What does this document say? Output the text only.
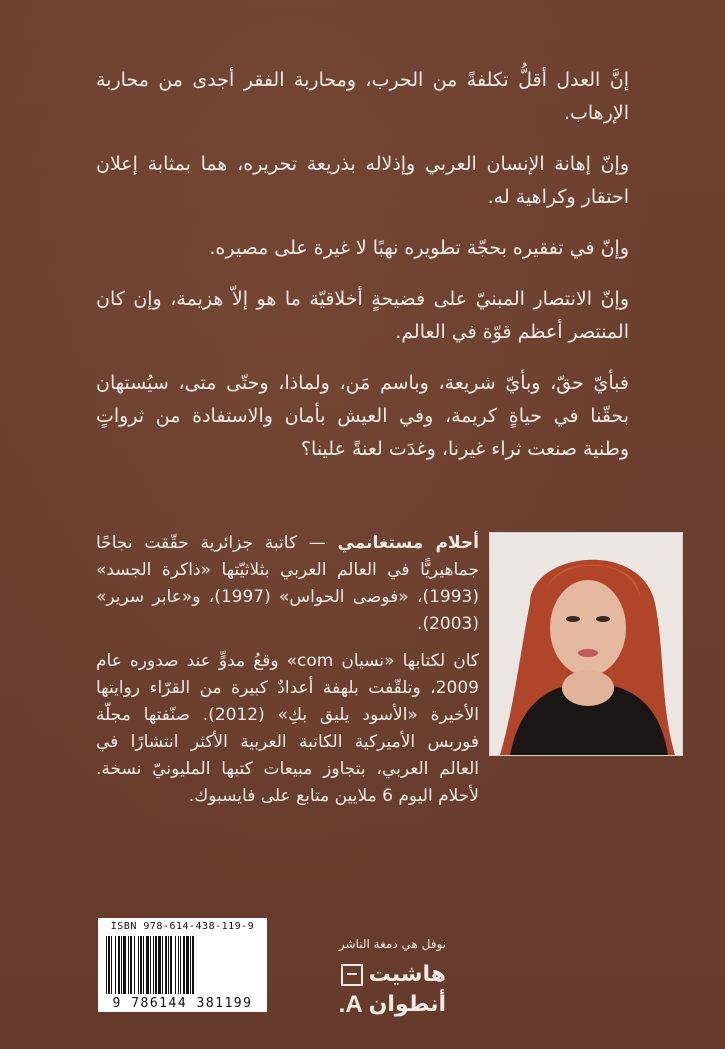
إنَّ العدل أقلُّ تكلفةً من الحرب، ومحاربة الفقر أجدى من محاربة الإرهاب.

وإنّ إهانة الإنسان العربي وإذلاله بذريعة تحريره، هما بمثابة إعلان احتقار وكراهية له.

وإنّ في تفقيره بحجّة تطويره نهبًا لا غيرة على مصيره.

وإنّ الانتصار المبنيّ على فضيحةٍ أخلاقيّة ما هو إلاّ هزيمة، وإن كان المنتصر أعظم قوّة في العالم.

فبأيّ حقّ، وبأيّ شريعة، وباسم مَن، ولماذا، وحتّى متى، سيُستهان بحقّنا في حياةٍ كريمة، وفي العيش بأمان والاستفادة من ثرواتٍ وطنية صنعت ثراء غيرنا، وغدَت لعنةً علينا؟

أحلام مستغانمي — كاتبة جزائرية حقّقت نجاحًا جماهيريًّا في العالم العربي بثلاثيّتها «ذاكرة الجسد» (1993)، «فوضى الحواس» (1997)، و«عابر سرير» (2003).

كان لكتابها «نسيان com» وقعُ مدوٍّ عند صدوره عام 2009، وتلقّفت بلهفة أعدادٌ كبيرة من القرّاء روايتها الأخيرة «الأسود يليق بكِ» (2012). صنّفتها مجلّة فوربس الأميركية الكاتبة العربية الأكثر انتشارًا في العالم العربي، بتجاوز مبيعات كتبها المليونيّ نسخة. لأحلام اليوم 6 ملايين متابع على فايسبوك.

ISBN 978-614-438-119-9
9 786144 381199
نوفل هي دمغة الناشر
هاشيت
أنطوان
A.
